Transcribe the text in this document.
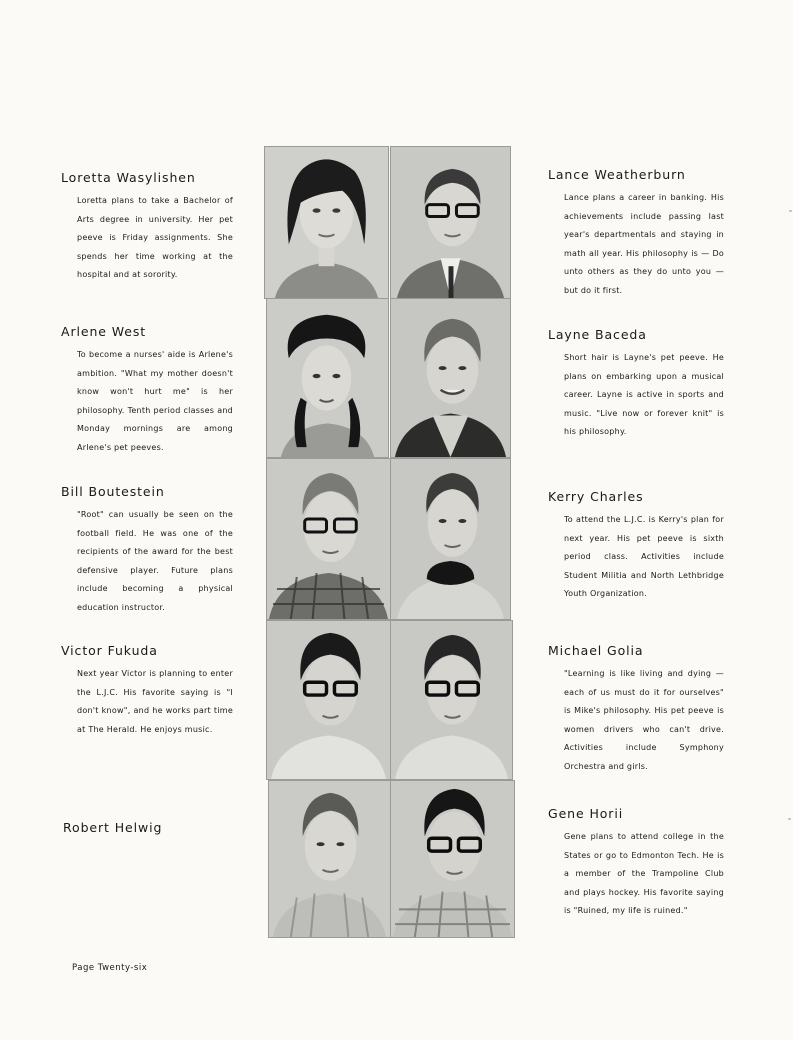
Loretta Wasylishen

Loretta plans to take a Bachelor of Arts degree in university. Her pet peeve is Friday assignments. She spends her time working at the hospital and at sorority.

Arlene West

To become a nurses' aide is Arlene's ambition. "What my mother doesn't know won't hurt me" is her philosophy. Tenth period classes and Monday mornings are among Arlene's pet peeves.

Bill Boutestein

"Root" can usually be seen on the football field. He was one of the recipients of the award for the best defensive player. Future plans include becoming a physical education instructor.

Victor Fukuda

Next year Victor is planning to enter the L.J.C. His favorite saying is "I don't know", and he works part time at The Herald. He enjoys music.

Robert Helwig
Lance Weatherburn

Lance plans a career in banking. His achievements include passing last year's departmentals and staying in math all year. His philosophy is — Do unto others as they do unto you — but do it first.

Layne Baceda

Short hair is Layne's pet peeve. He plans on embarking upon a musical career. Layne is active in sports and music. "Live now or forever knit" is his philosophy.

Kerry Charles

To attend the L.J.C. is Kerry's plan for next year. His pet peeve is sixth period class. Activities include Student Militia and North Lethbridge Youth Organization.

Michael Golia

"Learning is like living and dying — each of us must do it for ourselves" is Mike's philosophy. His pet peeve is women drivers who can't drive. Activities include Symphony Orchestra and girls.

Gene Horii

Gene plans to attend college in the States or go to Edmonton Tech. He is a member of the Trampoline Club and plays hockey. His favorite saying is "Ruined, my life is ruined."

Page Twenty-six
